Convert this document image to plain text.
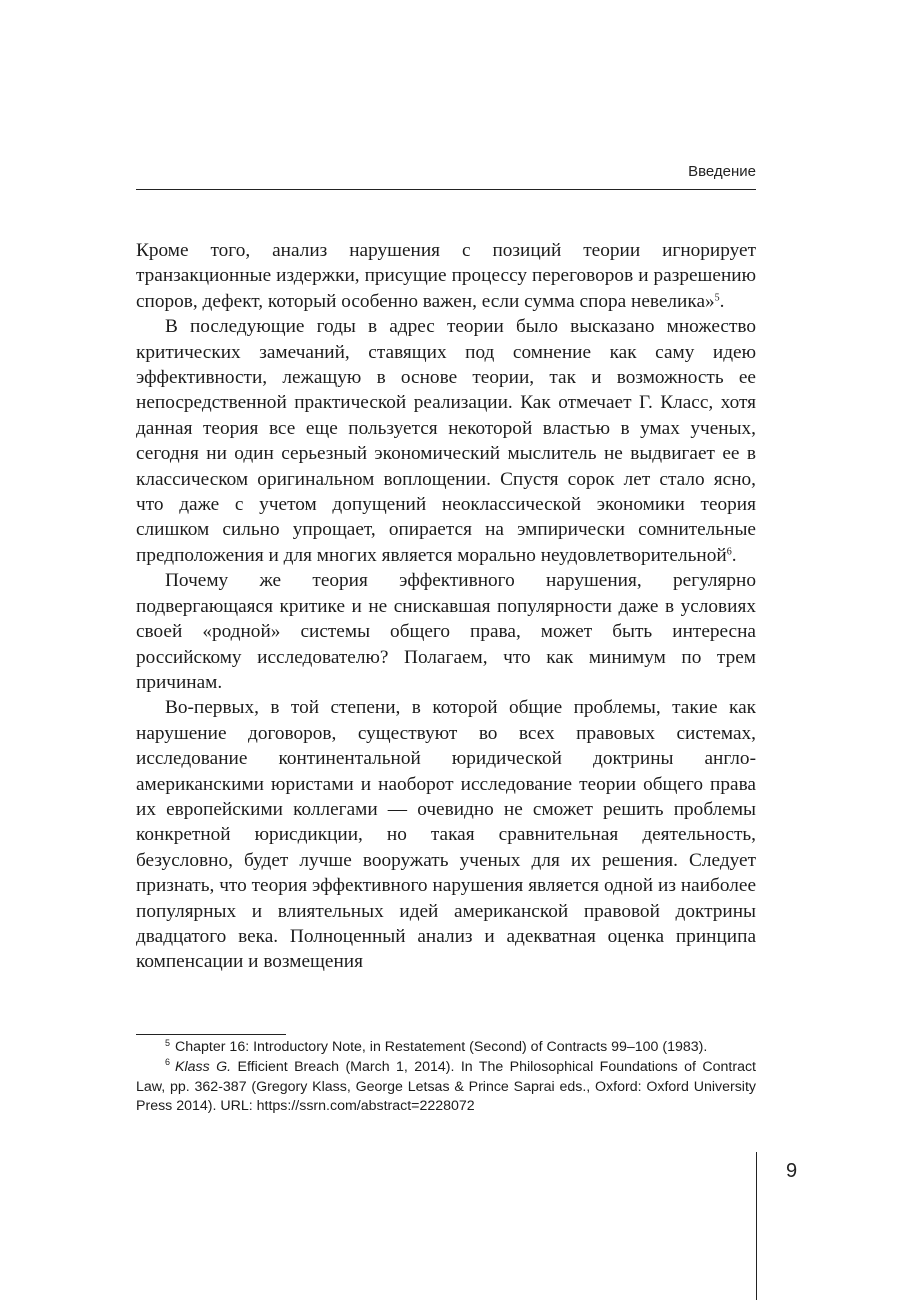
Введение

Кроме того, анализ нарушения с позиций теории игнорирует транзакционные издержки, присущие процессу переговоров и разрешению споров, дефект, который особенно важен, если сумма спора невелика»$^5$.

В последующие годы в адрес теории было высказано множество критических замечаний, ставящих под сомнение как саму идею эффективности, лежащую в основе теории, так и возможность ее непосредственной практической реализации. Как отмечает Г. Класс, хотя данная теория все еще пользуется некоторой властью в умах ученых, сегодня ни один серьезный экономический мыслитель не выдвигает ее в классическом оригинальном воплощении. Спустя сорок лет стало ясно, что даже с учетом допущений неоклассической экономики теория слишком сильно упрощает, опирается на эмпирически сомнительные предположения и для многих является морально неудовлетворительной$^6$.

Почему же теория эффективного нарушения, регулярно подвергающаяся критике и не снискавшая популярности даже в условиях своей «родной» системы общего права, может быть интересна российскому исследователю? Полагаем, что как минимум по трем причинам.

Во-первых, в той степени, в которой общие проблемы, такие как нарушение договоров, существуют во всех правовых системах, исследование континентальной юридической доктрины англо-американскими юристами и наоборот исследование теории общего права их европейскими коллегами — очевидно не сможет решить проблемы конкретной юрисдикции, но такая сравнительная деятельность, безусловно, будет лучше вооружать ученых для их решения. Следует признать, что теория эффективного нарушения является одной из наиболее популярных и влиятельных идей американской правовой доктрины двадцатого века. Полноценный анализ и адекватная оценка принципа компенсации и возмещения

$^5$ Chapter 16: Introductory Note, in Restatement (Second) of Contracts 99–100 (1983).

$^6$ Klass G. Efficient Breach (March 1, 2014). In The Philosophical Foundations of Contract Law, pp. 362-387 (Gregory Klass, George Letsas & Prince Saprai eds., Oxford: Oxford University Press 2014). URL: https://ssrn.com/abstract=2228072

9
